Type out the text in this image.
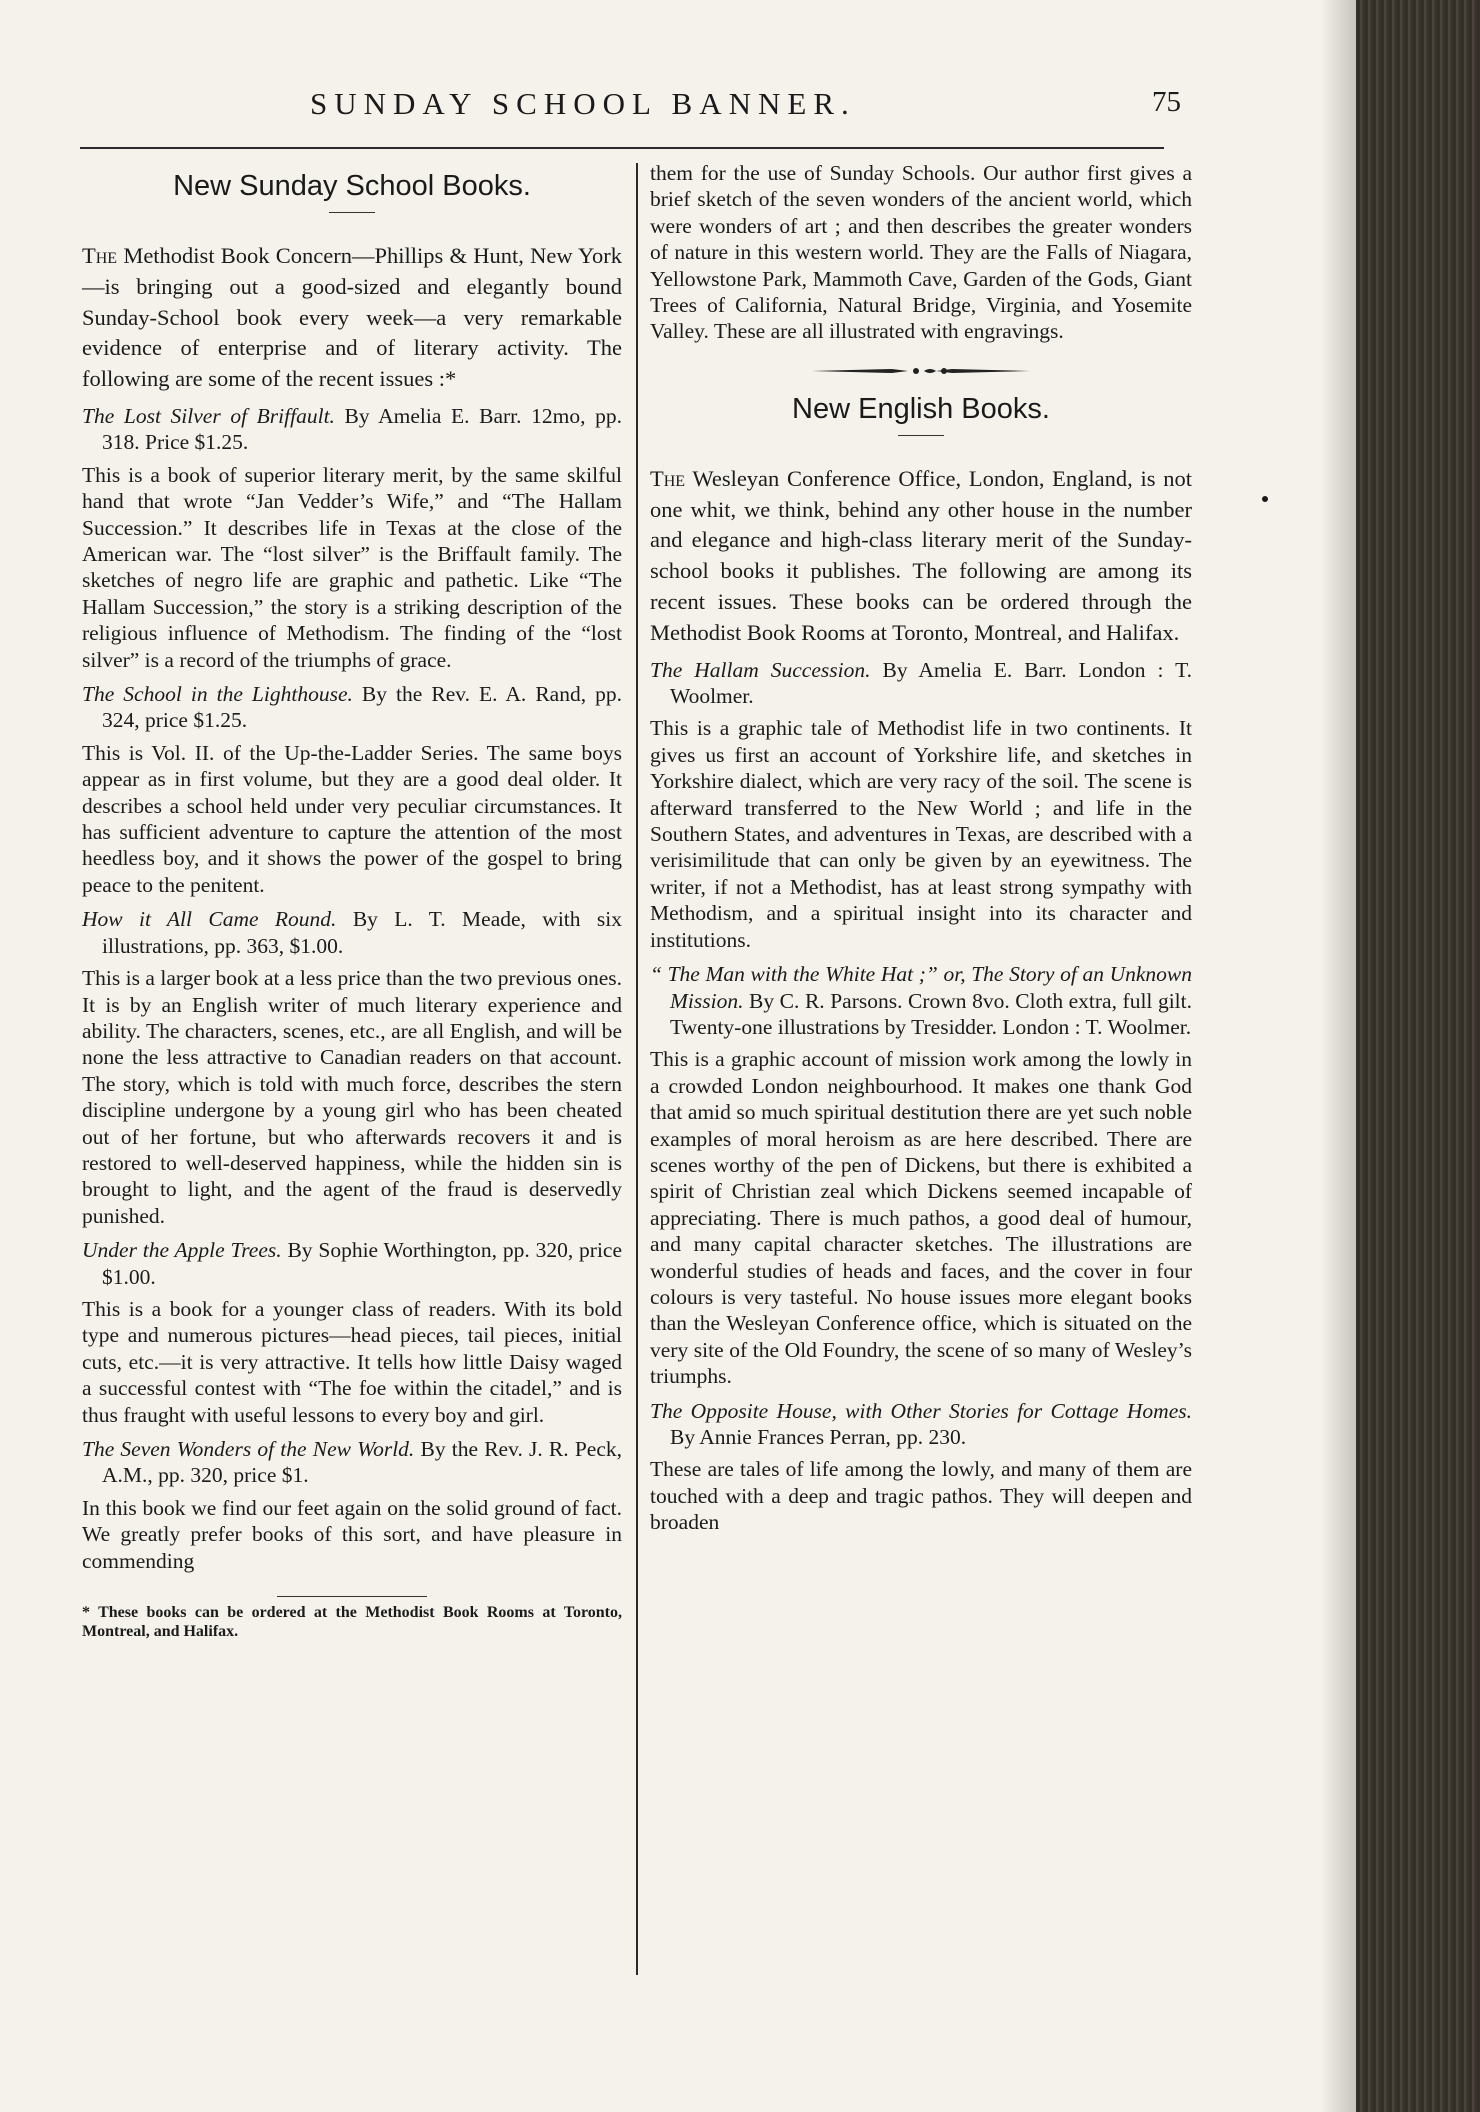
SUNDAY SCHOOL BANNER.	75
New Sunday School Books.

The Methodist Book Concern—Phillips & Hunt, New York—is bringing out a good-sized and elegantly bound Sunday-School book every week—a very remarkable evidence of enterprise and of literary activity. The following are some of the recent issues :*

The Lost Silver of Briffault. By Amelia E. Barr. 12mo, pp. 318. Price $1.25.

This is a book of superior literary merit, by the same skilful hand that wrote “Jan Vedder’s Wife,” and “The Hallam Succession.” It describes life in Texas at the close of the American war. The “lost silver” is the Briffault family. The sketches of negro life are graphic and pathetic. Like “The Hallam Succession,” the story is a striking description of the religious influence of Methodism. The finding of the “lost silver” is a record of the triumphs of grace.

The School in the Lighthouse. By the Rev. E. A. Rand, pp. 324, price $1.25.

This is Vol. II. of the Up-the-Ladder Series. The same boys appear as in first volume, but they are a good deal older. It describes a school held under very peculiar circumstances. It has sufficient adventure to capture the attention of the most heedless boy, and it shows the power of the gospel to bring peace to the penitent.

How it All Came Round. By L. T. Meade, with six illustrations, pp. 363, $1.00.

This is a larger book at a less price than the two previous ones. It is by an English writer of much literary experience and ability. The characters, scenes, etc., are all English, and will be none the less attractive to Canadian readers on that account. The story, which is told with much force, describes the stern discipline undergone by a young girl who has been cheated out of her fortune, but who afterwards recovers it and is restored to well-deserved happiness, while the hidden sin is brought to light, and the agent of the fraud is deservedly punished.

Under the Apple Trees. By Sophie Worthington, pp. 320, price $1.00.

This is a book for a younger class of readers. With its bold type and numerous pictures—head pieces, tail pieces, initial cuts, etc.—it is very attractive. It tells how little Daisy waged a successful contest with “The foe within the citadel,” and is thus fraught with useful lessons to every boy and girl.

The Seven Wonders of the New World. By the Rev. J. R. Peck, A.M., pp. 320, price $1.

In this book we find our feet again on the solid ground of fact. We greatly prefer books of this sort, and have pleasure in commending

* These books can be ordered at the Methodist Book Rooms at Toronto, Montreal, and Halifax.

them for the use of Sunday Schools. Our author first gives a brief sketch of the seven wonders of the ancient world, which were wonders of art ; and then describes the greater wonders of nature in this western world. They are the Falls of Niagara, Yellowstone Park, Mammoth Cave, Garden of the Gods, Giant Trees of California, Natural Bridge, Virginia, and Yosemite Valley. These are all illustrated with engravings.

New English Books.

The Wesleyan Conference Office, London, England, is not one whit, we think, behind any other house in the number and elegance and high-class literary merit of the Sunday-school books it publishes. The following are among its recent issues. These books can be ordered through the Methodist Book Rooms at Toronto, Montreal, and Halifax.

The Hallam Succession. By Amelia E. Barr. London : T. Woolmer.

This is a graphic tale of Methodist life in two continents. It gives us first an account of Yorkshire life, and sketches in Yorkshire dialect, which are very racy of the soil. The scene is afterward transferred to the New World ; and life in the Southern States, and adventures in Texas, are described with a verisimilitude that can only be given by an eyewitness. The writer, if not a Methodist, has at least strong sympathy with Methodism, and a spiritual insight into its character and institutions.

“ The Man with the White Hat ;” or, The Story of an Unknown Mission. By C. R. Parsons. Crown 8vo. Cloth extra, full gilt. Twenty-one illustrations by Tresidder. London : T. Woolmer.

This is a graphic account of mission work among the lowly in a crowded London neighbourhood. It makes one thank God that amid so much spiritual destitution there are yet such noble examples of moral heroism as are here described. There are scenes worthy of the pen of Dickens, but there is exhibited a spirit of Christian zeal which Dickens seemed incapable of appreciating. There is much pathos, a good deal of humour, and many capital character sketches. The illustrations are wonderful studies of heads and faces, and the cover in four colours is very tasteful. No house issues more elegant books than the Wesleyan Conference office, which is situated on the very site of the Old Foundry, the scene of so many of Wesley’s triumphs.

The Opposite House, with Other Stories for Cottage Homes. By Annie Frances Perran, pp. 230.

These are tales of life among the lowly, and many of them are touched with a deep and tragic pathos. They will deepen and broaden
